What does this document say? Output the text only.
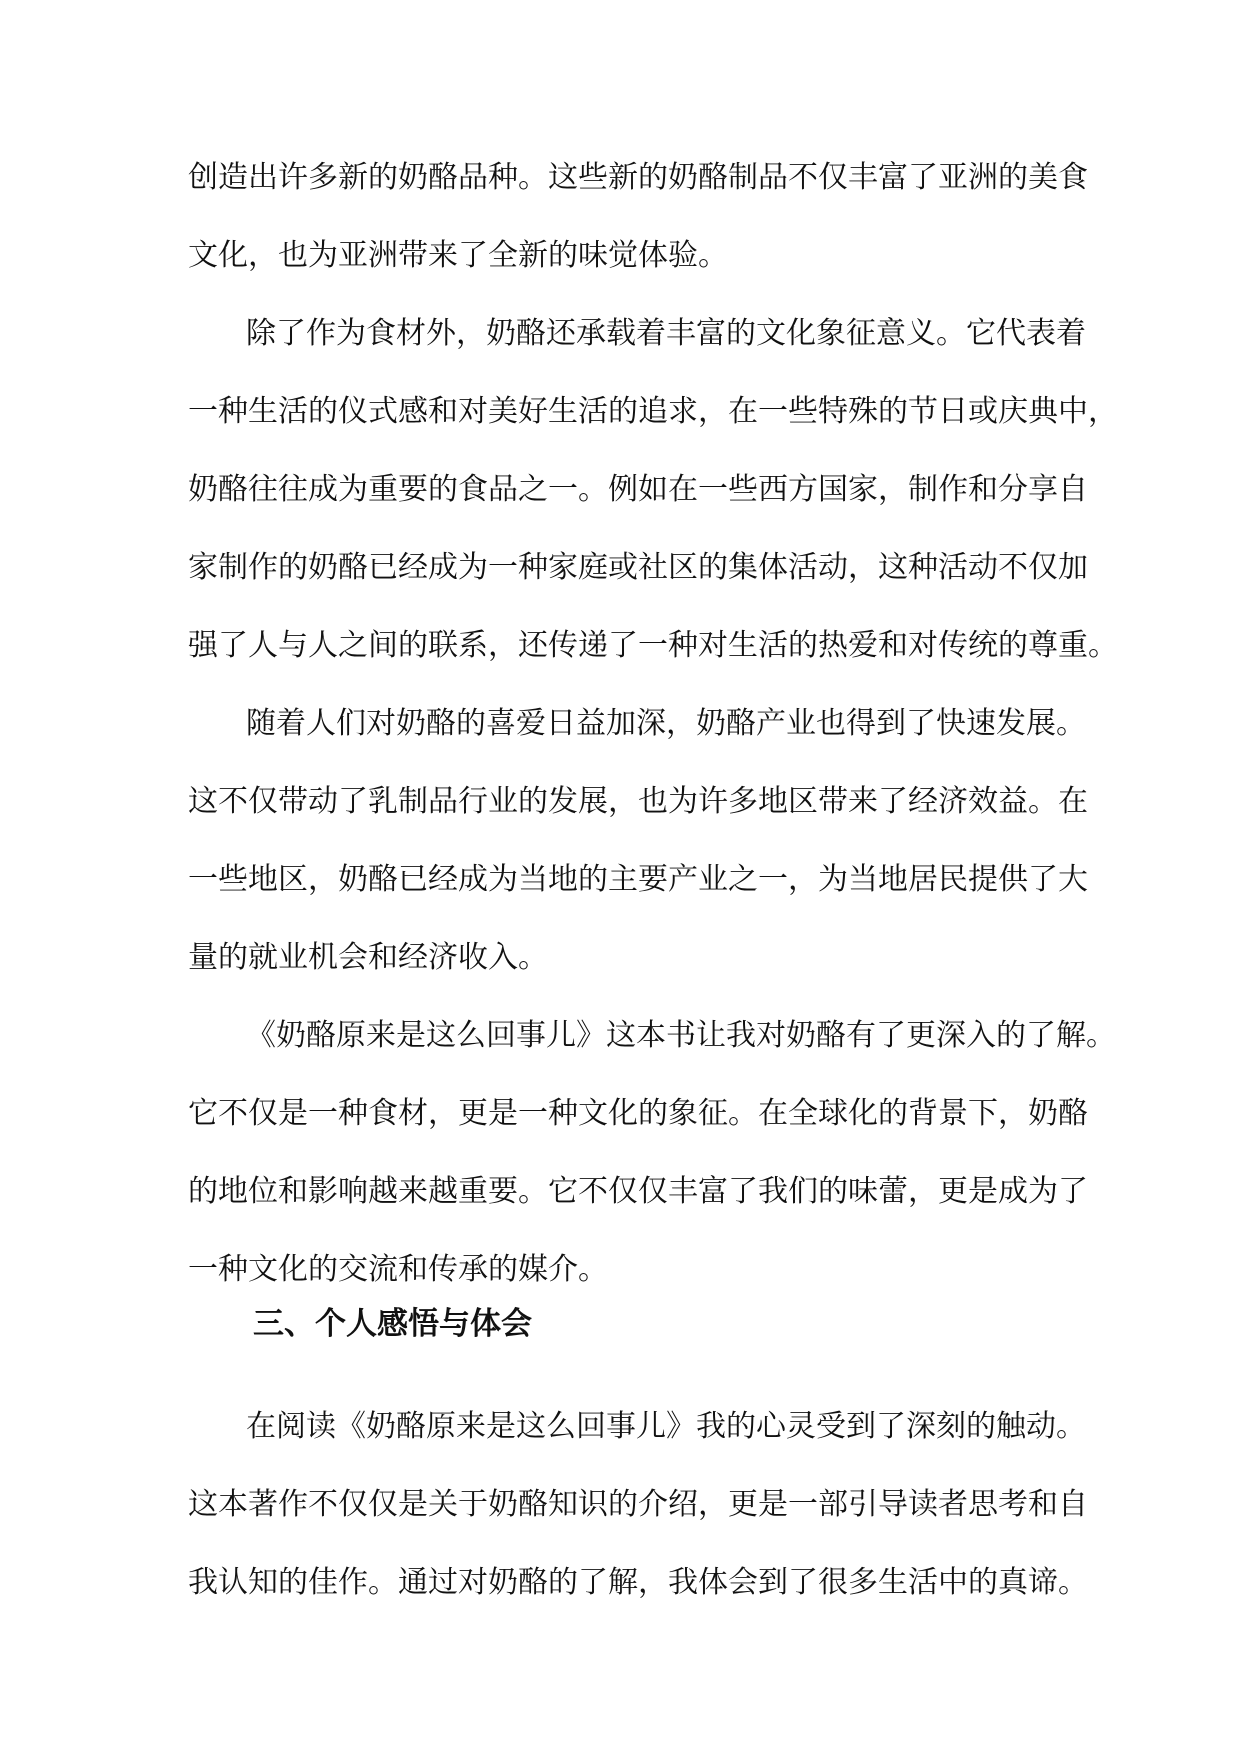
创造出许多新的奶酪品种。这些新的奶酪制品不仅丰富了亚洲的美食
文化，也为亚洲带来了全新的味觉体验。
除了作为食材外，奶酪还承载着丰富的文化象征意义。它代表着
一种生活的仪式感和对美好生活的追求，在一些特殊的节日或庆典中，
奶酪往往成为重要的食品之一。例如在一些西方国家，制作和分享自
家制作的奶酪已经成为一种家庭或社区的集体活动，这种活动不仅加
强了人与人之间的联系，还传递了一种对生活的热爱和对传统的尊重。
随着人们对奶酪的喜爱日益加深，奶酪产业也得到了快速发展。
这不仅带动了乳制品行业的发展，也为许多地区带来了经济效益。在
一些地区，奶酪已经成为当地的主要产业之一，为当地居民提供了大
量的就业机会和经济收入。
《奶酪原来是这么回事儿》这本书让我对奶酪有了更深入的了解。
它不仅是一种食材，更是一种文化的象征。在全球化的背景下，奶酪
的地位和影响越来越重要。它不仅仅丰富了我们的味蕾，更是成为了
一种文化的交流和传承的媒介。
三、个人感悟与体会
在阅读《奶酪原来是这么回事儿》我的心灵受到了深刻的触动。
这本著作不仅仅是关于奶酪知识的介绍，更是一部引导读者思考和自
我认知的佳作。通过对奶酪的了解，我体会到了很多生活中的真谛。
